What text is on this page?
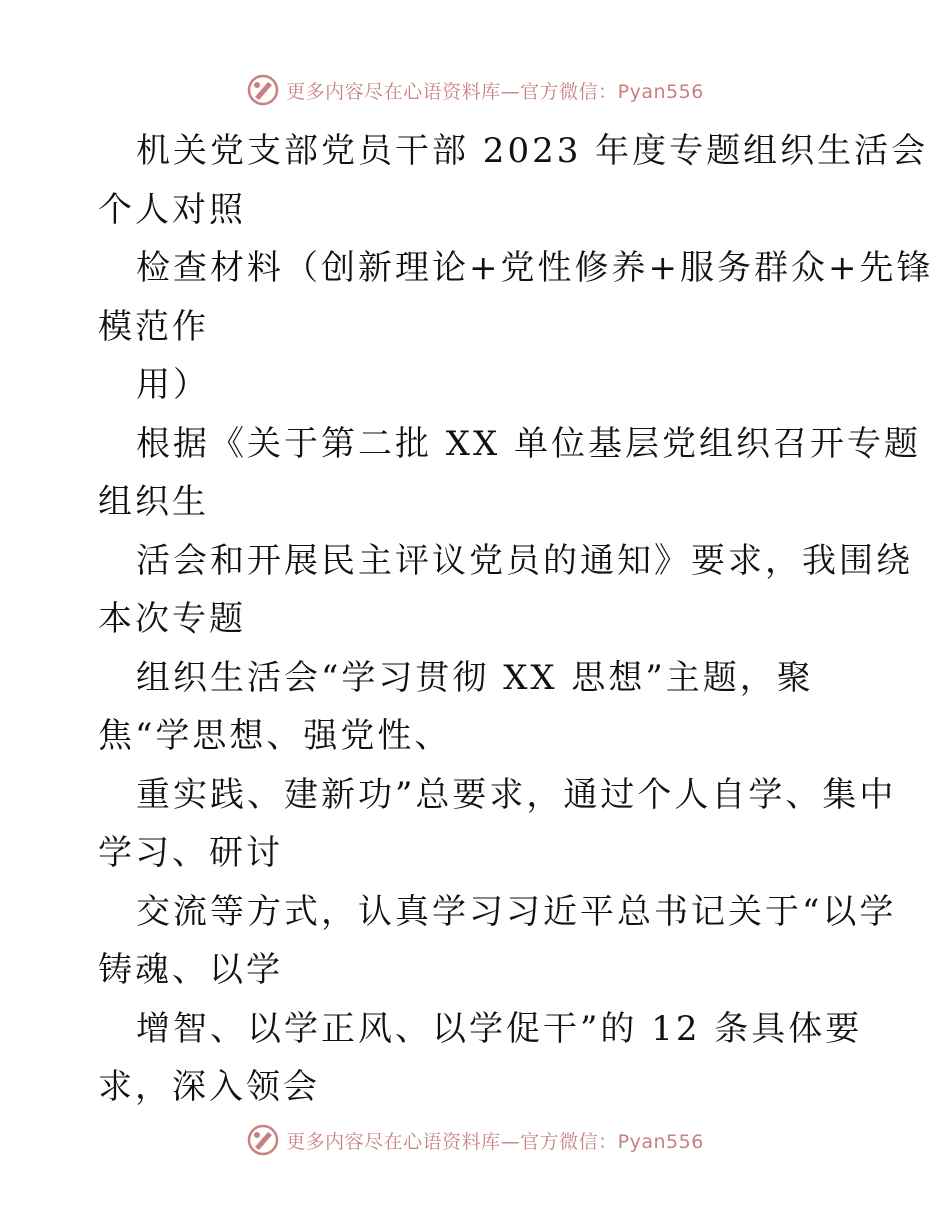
更多内容尽在心语资料库—官方微信：Pyan556
机关党支部党员干部 2023 年度专题组织生活会
个人对照
检查材料（创新理论+党性修养+服务群众+先锋
模范作
用）
根据《关于第二批 XX 单位基层党组织召开专题
组织生
活会和开展民主评议党员的通知》要求，我围绕
本次专题
组织生活会“学习贯彻 XX 思想”主题，聚
焦“学思想、强党性、
重实践、建新功”总要求，通过个人自学、集中
学习、研讨
交流等方式，认真学习习近平总书记关于“以学
铸魂、以学
增智、以学正风、以学促干”的 12 条具体要
求，深入领会
更多内容尽在心语资料库—官方微信：Pyan556
